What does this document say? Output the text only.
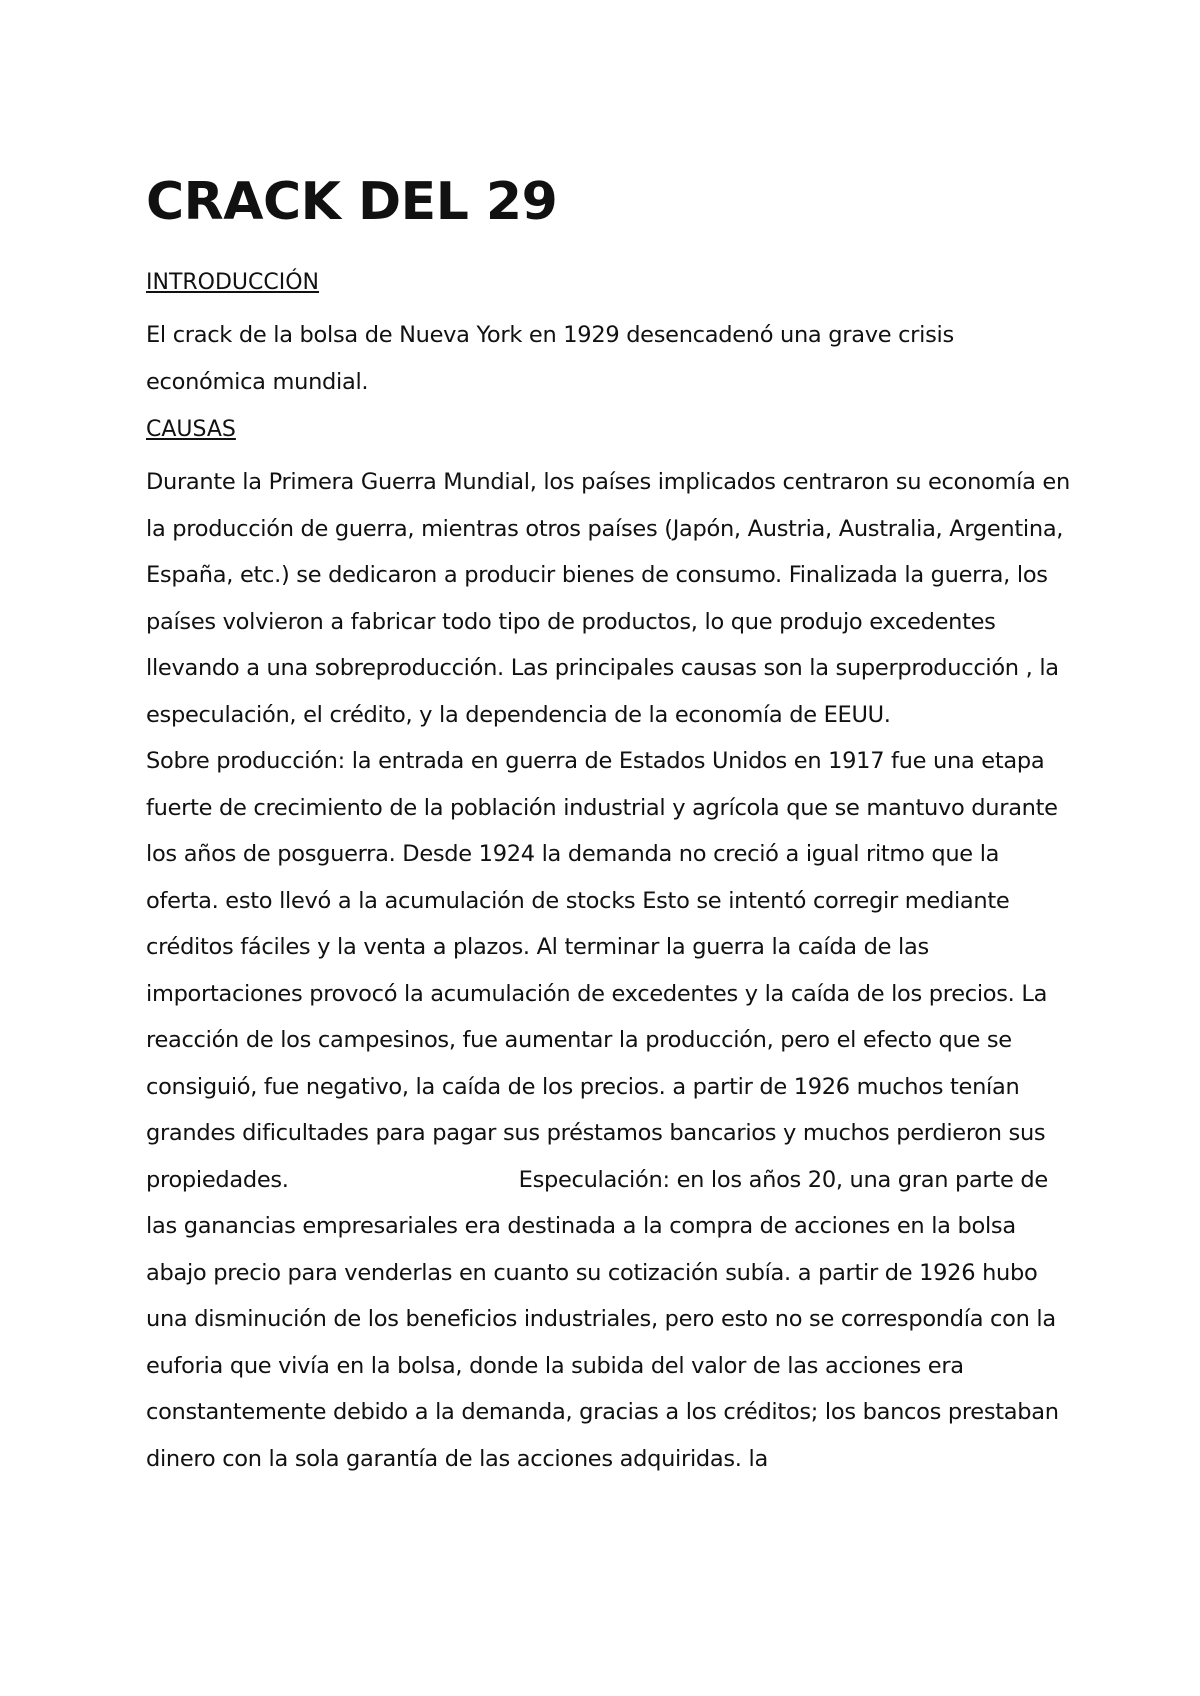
CRACK DEL 29
INTRODUCCIÓN

El crack de la bolsa de Nueva York en 1929 desencadenó una grave crisis económica mundial.

CAUSAS

Durante la Primera Guerra Mundial, los países implicados centraron su economía en la producción de guerra, mientras otros países (Japón, Austria, Australia, Argentina, España, etc.) se dedicaron a producir bienes de consumo. Finalizada la guerra, los países volvieron a fabricar todo tipo de productos, lo que produjo excedentes llevando a una sobreproducción. Las principales causas son la superproducción , la especulación, el crédito, y la dependencia de la economía de EEUU.

Sobre producción: la entrada en guerra de Estados Unidos en 1917 fue una etapa fuerte de crecimiento de la población industrial y agrícola que se mantuvo durante los años de posguerra. Desde 1924 la demanda no creció a igual ritmo que la oferta. esto llevó a la acumulación de stocks Esto se intentó corregir mediante créditos fáciles y la venta a plazos. Al terminar la guerra la caída de las importaciones provocó la acumulación de excedentes y la caída de los precios. La reacción de los campesinos, fue aumentar la producción, pero el efecto que se consiguió, fue negativo, la caída de los precios. a partir de 1926 muchos tenían grandes dificultades para pagar sus préstamos bancarios y muchos perdieron sus propiedades.	Especulación: en los años 20, una gran parte de las ganancias empresariales era destinada a la compra de acciones en la bolsa abajo precio para venderlas en cuanto su cotización subía. a partir de 1926 hubo una disminución de los beneficios industriales, pero esto no se correspondía con la euforia que vivía en la bolsa, donde la subida del valor de las acciones era constantemente debido a la demanda, gracias a los créditos; los bancos prestaban dinero con la sola garantía de las acciones adquiridas. la
